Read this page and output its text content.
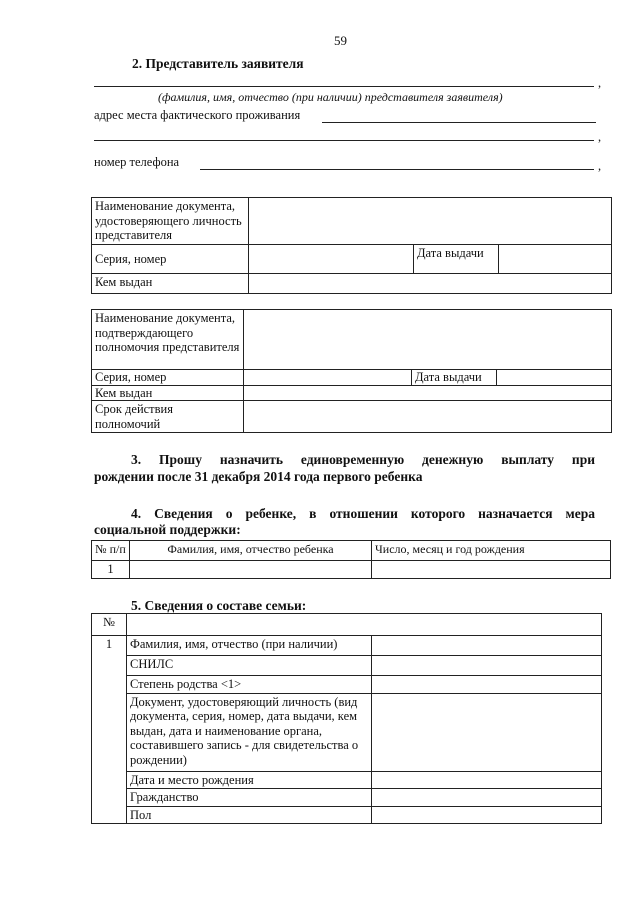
59
2. Представитель заявителя
,
(фамилия, имя, отчество (при наличии) представителя заявителя)
адрес места фактического проживания
,
номер телефона	,
Наименование документа, удостоверяющего личность представителя			
Серия, номер		Дата выдачи	
Кем выдан			
Наименование документа, подтверждающего полномочия представителя			
Серия, номер		Дата выдачи	
Кем выдан			
Срок действия полномочий			
3. Прошу назначить единовременную денежную выплату при
рождении после 31 декабря 2014 года первого ребенка
4. Сведения о ребенке, в отношении которого назначается мера
социальной поддержки:
№ п/п	Фамилия, имя, отчество ребенка	Число, месяц и год рождения
1		
5. Сведения о составе семьи:
№		
1	Фамилия, имя, отчество (при наличии)	
	СНИЛС	
	Степень родства <1>	
	Документ, удостоверяющий личность (вид документа, серия, номер, дата выдачи, кем выдан, дата и наименование органа, составившего запись - для свидетельства о рождении)	
	Дата и место рождения	
	Гражданство	
	Пол	
